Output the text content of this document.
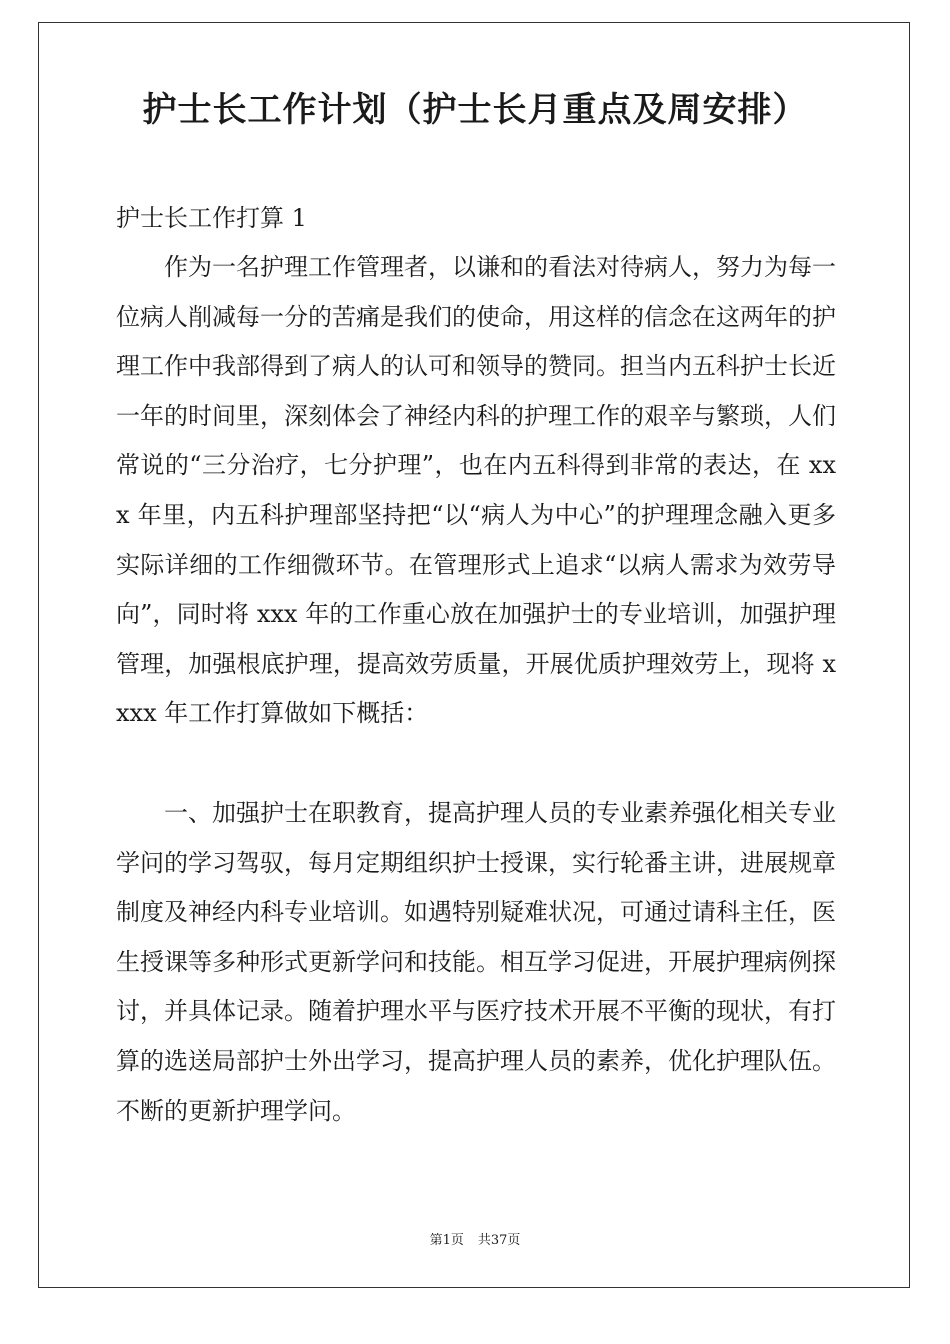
护士长工作计划（护士长月重点及周安排）
护士长工作打算 1

作为一名护理工作管理者，以谦和的看法对待病人，努力为每一位病人削减每一分的苦痛是我们的使命，用这样的信念在这两年的护理工作中我部得到了病人的认可和领导的赞同。担当内五科护士长近一年的时间里，深刻体会了神经内科的护理工作的艰辛与繁琐，人们常说的“三分治疗，七分护理”，也在内五科得到非常的表达，在 xxx 年里，内五科护理部坚持把“以“病人为中心”的护理理念融入更多实际详细的工作细微环节。在管理形式上追求“以病人需求为效劳导向”，同时将 xxx 年的工作重心放在加强护士的专业培训，加强护理管理，加强根底护理，提高效劳质量，开展优质护理效劳上，现将 xxxx 年工作打算做如下概括：

一、加强护士在职教育，提高护理人员的专业素养强化相关专业学问的学习驾驭，每月定期组织护士授课，实行轮番主讲，进展规章制度及神经内科专业培训。如遇特别疑难状况，可通过请科主任，医生授课等多种形式更新学问和技能。相互学习促进，开展护理病例探讨，并具体记录。随着护理水平与医疗技术开展不平衡的现状，有打算的选送局部护士外出学习，提高护理人员的素养，优化护理队伍。不断的更新护理学问。

第1页 共37页
